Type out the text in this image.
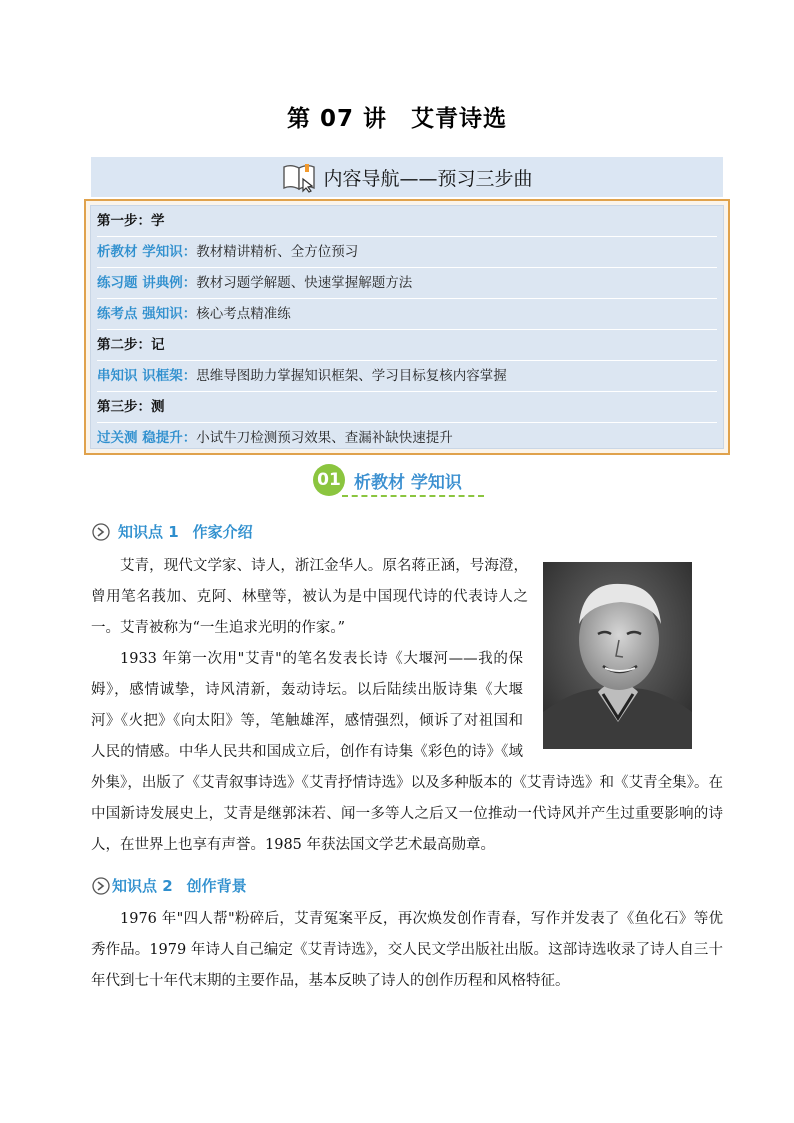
第 07 讲　艾青诗选
内容导航——预习三步曲
第一步：学
析教材 学知识：教材精讲精析、全方位预习
练习题 讲典例：教材习题学解题、快速掌握解题方法
练考点 强知识：核心考点精准练
第二步：记
串知识 识框架：思维导图助力掌握知识框架、学习目标复核内容掌握
第三步：测
过关测 稳提升：小试牛刀检测预习效果、查漏补缺快速提升
01 析教材 学知识
知识点 1 作家介绍

艾青，现代文学家、诗人，浙江金华人。原名蒋正涵，号海澄，曾用笔名莪加、克阿、林壁等，被认为是中国现代诗的代表诗人之一。艾青被称为“一生追求光明的作家。”

1933 年第一次用"艾青"的笔名发表长诗《大堰河——我的保姆》，感情诚挚，诗风清新，轰动诗坛。以后陆续出版诗集《大堰河》《火把》《向太阳》等，笔触雄浑，感情强烈，倾诉了对祖国和人民的情感。中华人民共和国成立后，创作有诗集《彩色的诗》《域外集》，出版了《艾青叙事诗选》《艾青抒情诗选》以及多种版本的《艾青诗选》和《艾青全集》。在中国新诗发展史上，艾青是继郭沫若、闻一多等人之后又一位推动一代诗风并产生过重要影响的诗人，在世界上也享有声誉。1985 年获法国文学艺术最高勋章。
知识点 2 创作背景

1976 年"四人帮"粉碎后，艾青冤案平反，再次焕发创作青春，写作并发表了《鱼化石》等优秀作品。1979 年诗人自己编定《艾青诗选》，交人民文学出版社出版。这部诗选收录了诗人自三十年代到七十年代末期的主要作品，基本反映了诗人的创作历程和风格特征。
